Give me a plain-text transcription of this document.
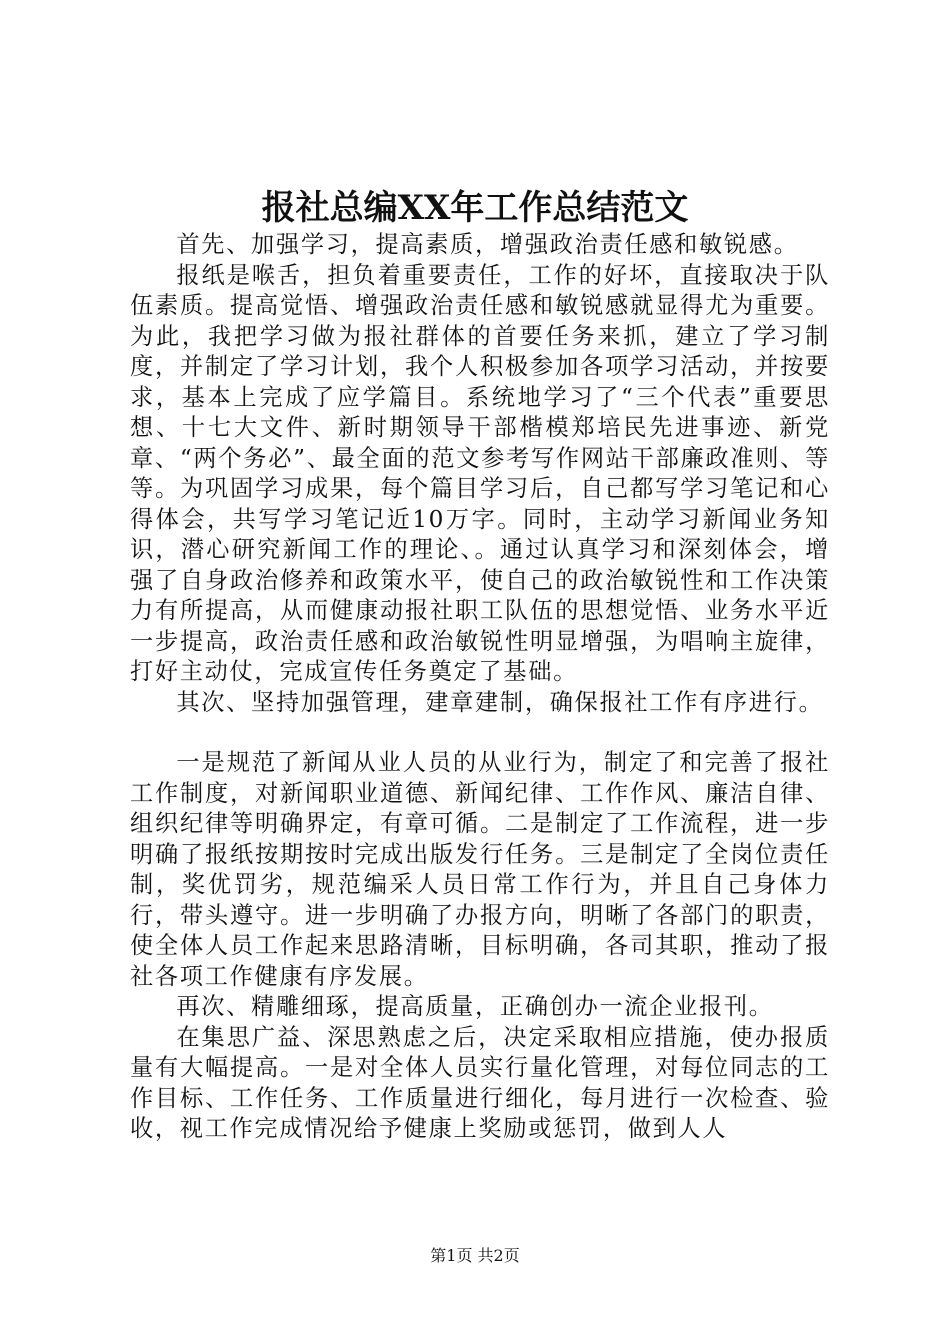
报社总编XX年工作总结范文

首先、加强学习，提高素质，增强政治责任感和敏锐感。

报纸是喉舌，担负着重要责任，工作的好坏，直接取决于队伍素质。提高觉悟、增强政治责任感和敏锐感就显得尤为重要。为此，我把学习做为报社群体的首要任务来抓，建立了学习制度，并制定了学习计划，我个人积极参加各项学习活动，并按要求，基本上完成了应学篇目。系统地学习了“三个代表”重要思想、十七大文件、新时期领导干部楷模郑培民先进事迹、新党章、“两个务必”、最全面的范文参考写作网站干部廉政准则、等等。为巩固学习成果，每个篇目学习后，自己都写学习笔记和心得体会，共写学习笔记近10万字。同时，主动学习新闻业务知识，潜心研究新闻工作的理论、。通过认真学习和深刻体会，增强了自身政治修养和政策水平，使自己的政治敏锐性和工作决策力有所提高，从而健康动报社职工队伍的思想觉悟、业务水平近一步提高，政治责任感和政治敏锐性明显增强，为唱响主旋律，打好主动仗，完成宣传任务奠定了基础。

其次、坚持加强管理，建章建制，确保报社工作有序进行。

一是规范了新闻从业人员的从业行为，制定了和完善了报社工作制度，对新闻职业道德、新闻纪律、工作作风、廉洁自律、组织纪律等明确界定，有章可循。二是制定了工作流程，进一步明确了报纸按期按时完成出版发行任务。三是制定了全岗位责任制，奖优罚劣，规范编采人员日常工作行为，并且自己身体力行，带头遵守。进一步明确了办报方向，明晰了各部门的职责，使全体人员工作起来思路清晰，目标明确，各司其职，推动了报社各项工作健康有序发展。

再次、精雕细琢，提高质量，正确创办一流企业报刊。

在集思广益、深思熟虑之后，决定采取相应措施，使办报质量有大幅提高。一是对全体人员实行量化管理，对每位同志的工作目标、工作任务、工作质量进行细化，每月进行一次检查、验收，视工作完成情况给予健康上奖励或惩罚，做到人人

第1页 共2页
